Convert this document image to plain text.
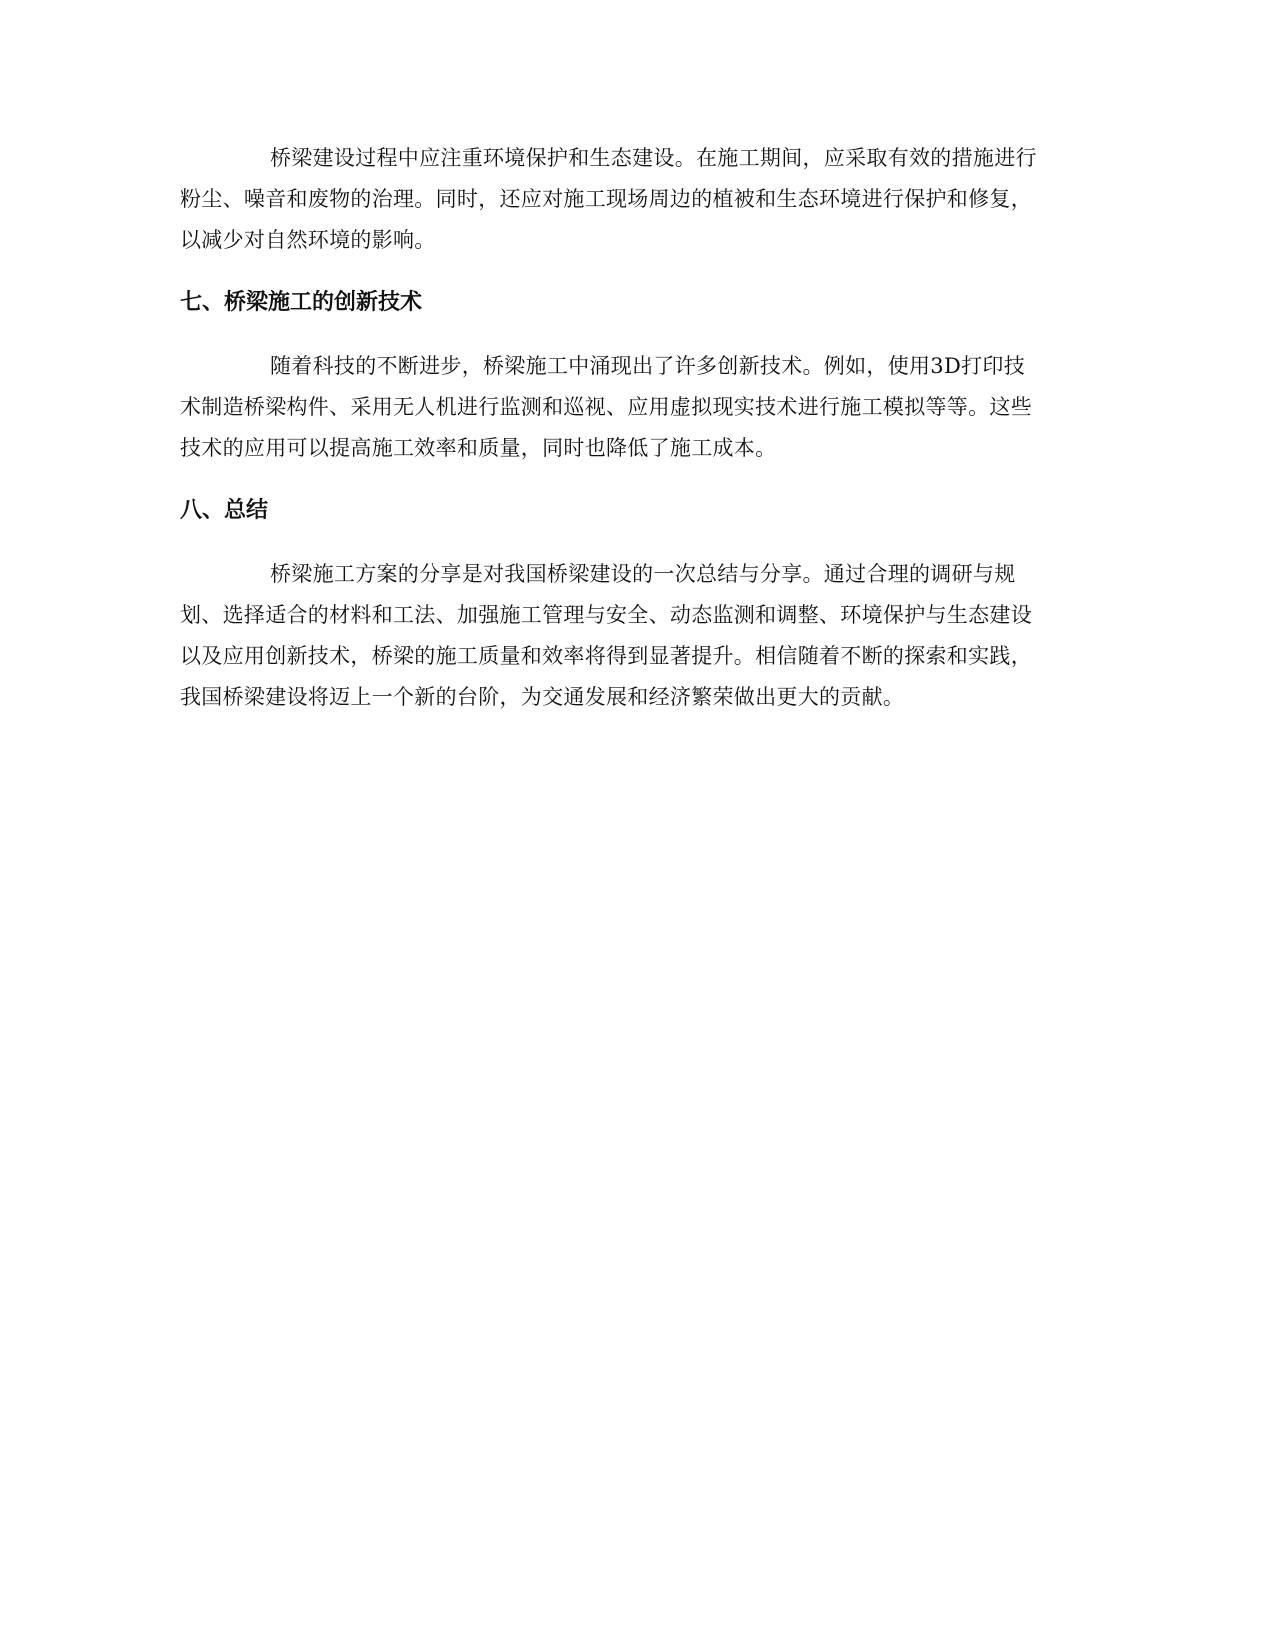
桥梁建设过程中应注重环境保护和生态建设。在施工期间，应采取有效的措施进行粉尘、噪音和废物的治理。同时，还应对施工现场周边的植被和生态环境进行保护和修复，以减少对自然环境的影响。

七、桥梁施工的创新技术

随着科技的不断进步，桥梁施工中涌现出了许多创新技术。例如，使用3D打印技术制造桥梁构件、采用无人机进行监测和巡视、应用虚拟现实技术进行施工模拟等等。这些技术的应用可以提高施工效率和质量，同时也降低了施工成本。

八、总结

桥梁施工方案的分享是对我国桥梁建设的一次总结与分享。通过合理的调研与规划、选择适合的材料和工法、加强施工管理与安全、动态监测和调整、环境保护与生态建设以及应用创新技术，桥梁的施工质量和效率将得到显著提升。相信随着不断的探索和实践，我国桥梁建设将迈上一个新的台阶，为交通发展和经济繁荣做出更大的贡献。
